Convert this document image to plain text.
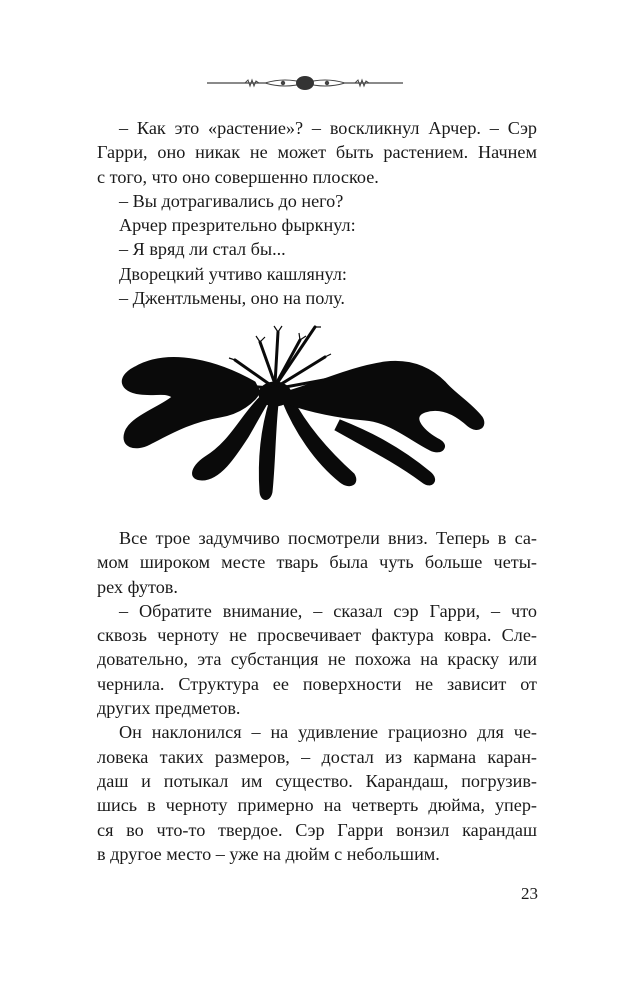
– Как это «растение»? – воскликнул Арчер. – Сэр
Гарри, оно никак не может быть растением. Начнем
с того, что оно совершенно плоское.
– Вы дотрагивались до него?
Арчер презрительно фыркнул:
– Я вряд ли стал бы...
Дворецкий учтиво кашлянул:
– Джентльмены, оно на полу.
Все трое задумчиво посмотрели вниз. Теперь в са-
мом широком месте тварь была чуть больше четы-
рех футов.
– Обратите внимание, – сказал сэр Гарри, – что
сквозь черноту не просвечивает фактура ковра. Сле-
довательно, эта субстанция не похожа на краску или
чернила. Структура ее поверхности не зависит от
других предметов.
Он наклонился – на удивление грациозно для че-
ловека таких размеров, – достал из кармана каран-
даш и потыкал им существо. Карандаш, погрузив-
шись в черноту примерно на четверть дюйма, упер-
ся во что-то твердое. Сэр Гарри вонзил карандаш
в другое место – уже на дюйм с небольшим.
23
